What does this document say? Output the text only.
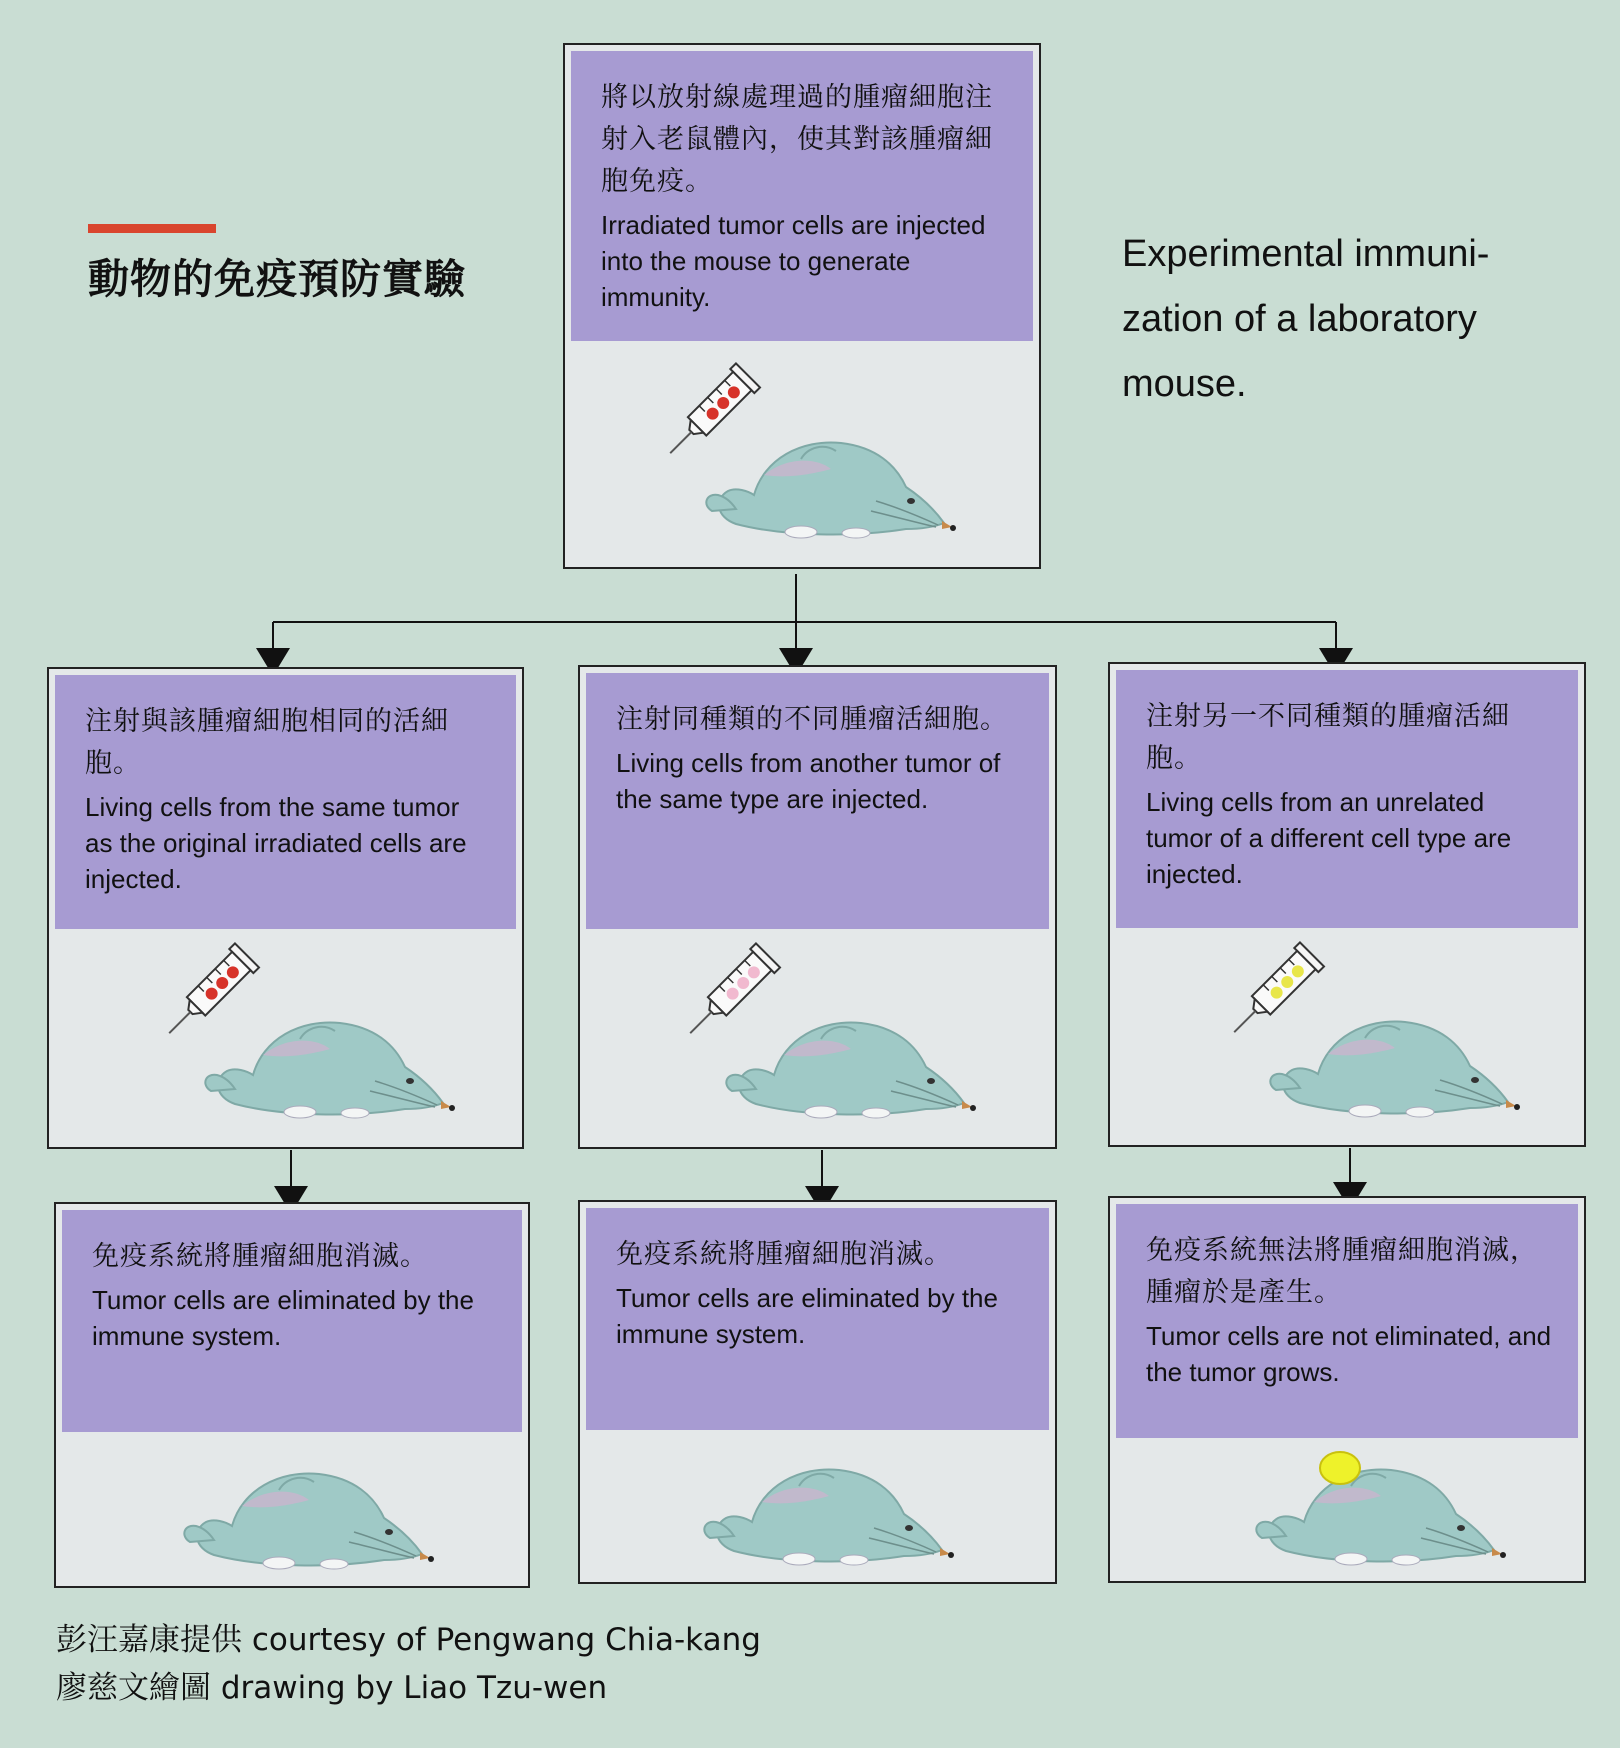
動物的免疫預防實驗
Experimental immuni-
zation of a laboratory
mouse.

將以放射線處理過的腫瘤細胞注射入老鼠體內，使其對該腫瘤細胞免疫。

Irradiated tumor cells are injected into the mouse to generate immunity.

注射與該腫瘤細胞相同的活細胞。

Living cells from the same tumor as the original irradiated cells are injected.

注射同種類的不同腫瘤活細胞。

Living cells from another tumor of the same type are injected.

注射另一不同種類的腫瘤活細胞。

Living cells from an unrelated tumor of a different cell type are injected.

免疫系統將腫瘤細胞消滅。

Tumor cells are eliminated by the immune system.

免疫系統將腫瘤細胞消滅。

Tumor cells are eliminated by the immune system.

免疫系統無法將腫瘤細胞消滅，腫瘤於是產生。

Tumor cells are not eliminated, and the tumor grows.

彭汪嘉康提供 courtesy of Pengwang Chia-kang
廖慈文繪圖 drawing by Liao Tzu-wen
